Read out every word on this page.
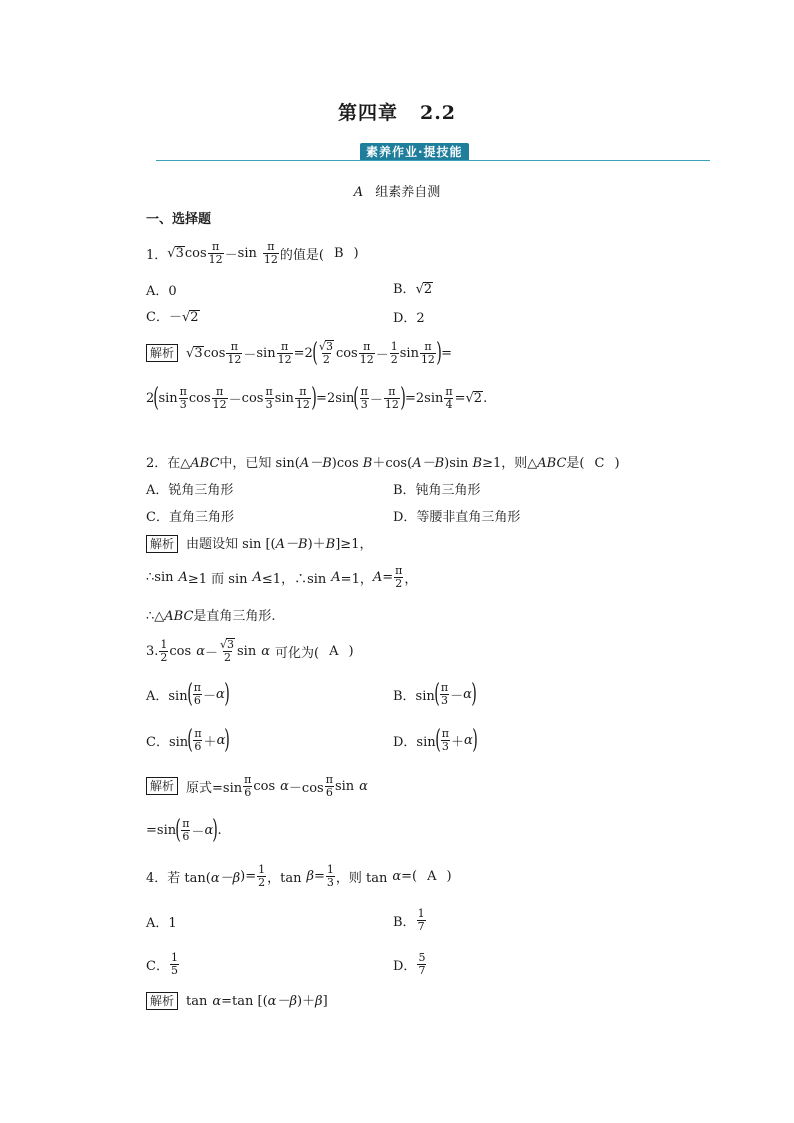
第四章 2.2
素养作业·提技能
A 组素养自测
一、选择题
1． √ 3 $\cos \frac{\pi}{12} - \sin \frac{\pi}{12}$ 的值是( B )
A．0	B． √ 2
C．－ √ 2	D．2
解析 √ 3 $\cos \frac{\pi}{12} - \sin \frac{\pi}{12} =2$ ( $\frac{√ 3}{2}$ $\cos \frac{\pi}{12} - \frac{1}{2}$ $\sin \frac{\pi}{12}$ ) =
2 ( $\sin \frac{\pi}{3}$ $\cos \frac{\pi}{12} - \cos \frac{\pi}{3}$ $\sin \frac{\pi}{12}$ ) =2sin ( $\frac{\pi}{3} - \frac{\pi}{12}$ ) $=2\sin \frac{\pi}{4}$ = √ 2 .
2．在△ABC中，已知 sin(A－B)cos B＋cos(A－B)sin B≥1，则△ABC是( C )
A．锐角三角形	B．钝角三角形
C．直角三角形	D．等腰非直角三角形
解析 由题设知 sin [(A－B)＋B]≥1，
∴sin A ≥1 而 sin A ≤1，∴sin A =1， $A = \frac{\pi}{2}$ ，
∴△ABC是直角三角形.
3. $\frac{1}{2}$ $\cos \alpha - \frac{√ 3}{2}$ sin α 可化为( A )
A．sin ( $\frac{\pi}{6} - \alpha$ )	B．sin ( $\frac{\pi}{3} - \alpha$ )
C．sin ( $\frac{\pi}{6} + \alpha$ )	D．sin ( $\frac{\pi}{3} + \alpha$ )
解析 原式$=\sin \frac{\pi}{6}$ $\cos \alpha -\cos \frac{\pi}{6}$ sin α
=sin ( $\frac{\pi}{6} - \alpha$ ) .
4． 若 tan( α－β )= $\frac{1}{2}$ ，$\tan \beta = \frac{1}{3}$ ，则 tan α =( A )
A．1	B． $\frac{1}{7}$
C． $\frac{1}{5}$	D． $\frac{5}{7}$
解析 tan α=tan [(α－β)＋β]
